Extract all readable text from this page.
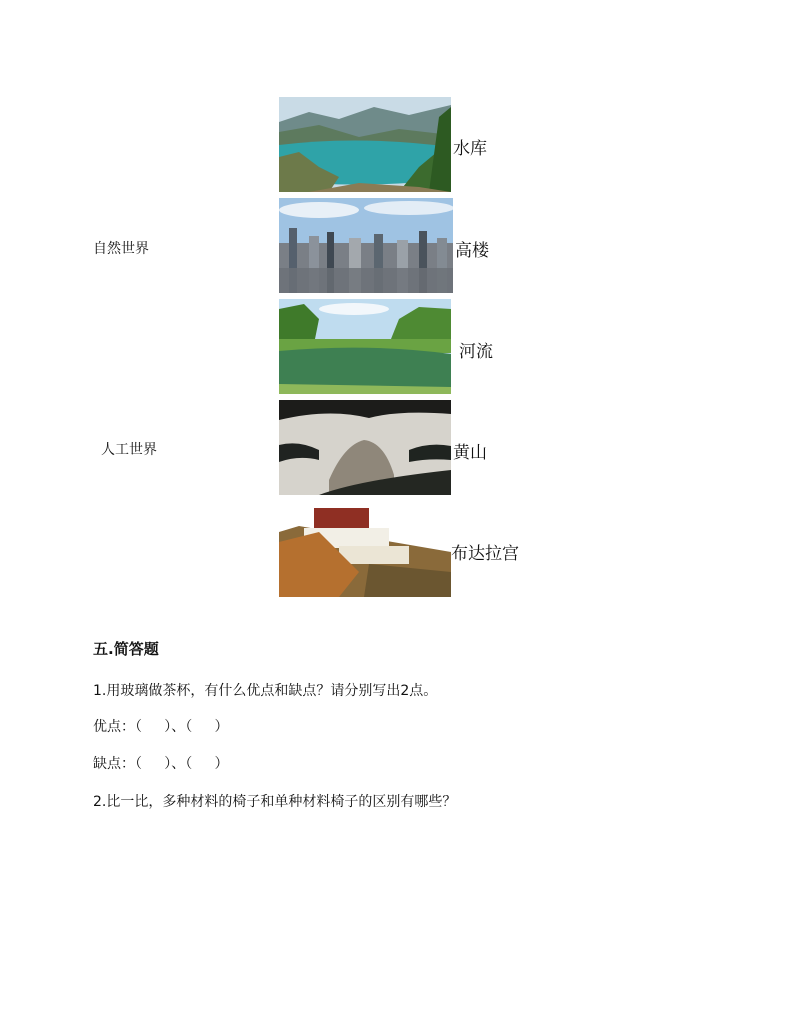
自然世界
人工世界
水库
高楼
河流
黄山
布达拉宫
五.简答题
1.用玻璃做茶杯，有什么优点和缺点？请分别写出2点。
优点：（     ）、（     ）
缺点：（     ）、（     ）
2.比一比，多种材料的椅子和单种材料椅子的区别有哪些？
